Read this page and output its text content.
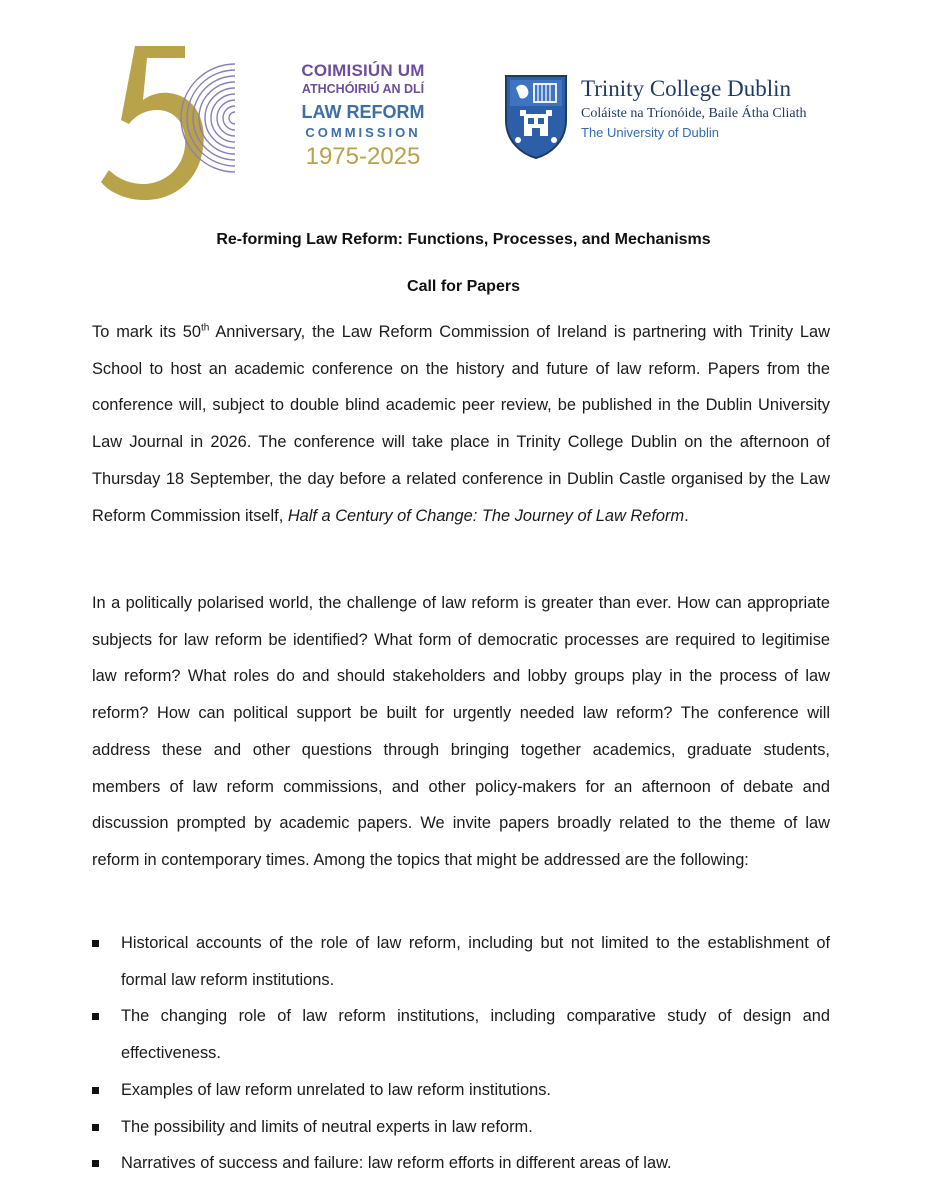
COIMISIÚN UM
ATHCHÓIRIÚ AN DLÍ
LAW REFORM
COMMISSION
1975-2025
Trinity College Dublin
Coláiste na Tríonóide, Baile Átha Cliath
The University of Dublin
Re-forming Law Reform: Functions, Processes, and Mechanisms
Call for Papers

To mark its 50th Anniversary, the Law Reform Commission of Ireland is partnering with Trinity Law School to host an academic conference on the history and future of law reform. Papers from the conference will, subject to double blind academic peer review, be published in the Dublin University Law Journal in 2026. The conference will take place in Trinity College Dublin on the afternoon of Thursday 18 September, the day before a related conference in Dublin Castle organised by the Law Reform Commission itself, Half a Century of Change: The Journey of Law Reform.

In a politically polarised world, the challenge of law reform is greater than ever. How can appropriate subjects for law reform be identified? What form of democratic processes are required to legitimise law reform? What roles do and should stakeholders and lobby groups play in the process of law reform? How can political support be built for urgently needed law reform? The conference will address these and other questions through bringing together academics, graduate students, members of law reform commissions, and other policy-makers for an afternoon of debate and discussion prompted by academic papers. We invite papers broadly related to the theme of law reform in contemporary times. Among the topics that might be addressed are the following:

Historical accounts of the role of law reform, including but not limited to the establishment of formal law reform institutions.
The changing role of law reform institutions, including comparative study of design and effectiveness.
Examples of law reform unrelated to law reform institutions.
The possibility and limits of neutral experts in law reform.
Narratives of success and failure: law reform efforts in different areas of law.
